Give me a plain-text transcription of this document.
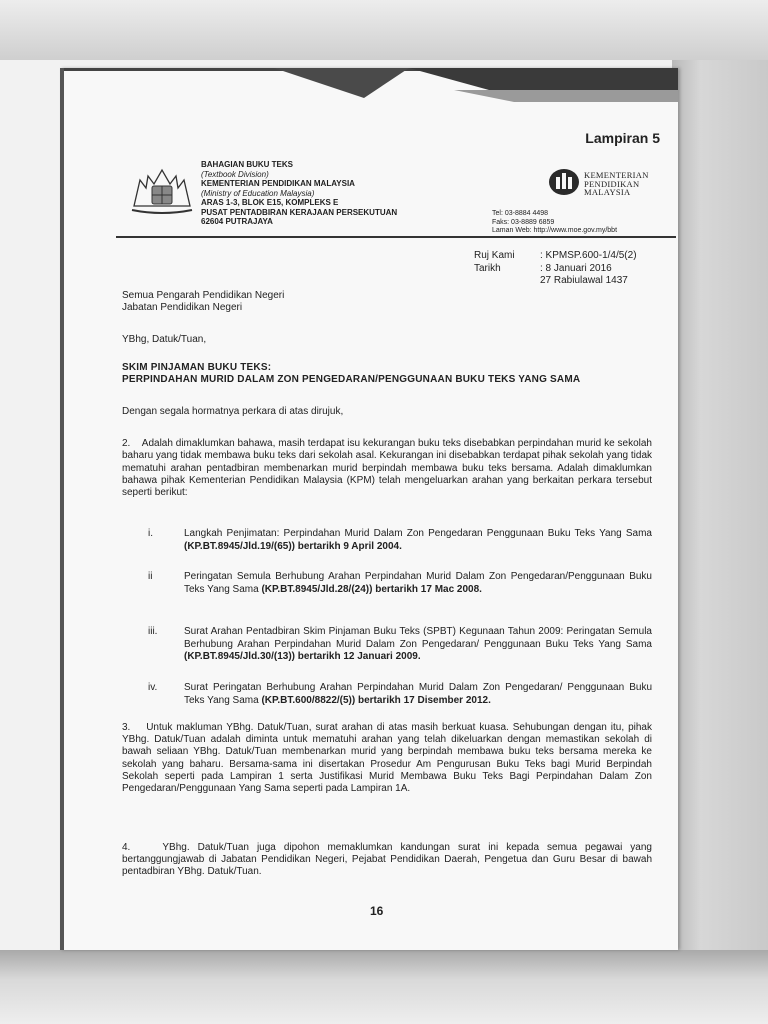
Lampiran 5
BAHAGIAN BUKU TEKS
(Textbook Division)
KEMENTERIAN PENDIDIKAN MALAYSIA
(Ministry of Education Malaysia)
ARAS 1-3, BLOK E15, KOMPLEKS E
PUSAT PENTADBIRAN KERAJAAN PERSEKUTUAN
62604 PUTRAJAYA
KEMENTERIAN
PENDIDIKAN
MALAYSIA
Tel: 03-8884 4498
Faks: 03-8889 6859
Laman Web: http://www.moe.gov.my/bbt
Ruj Kami	: KPMSP.600-1/4/5(2)
Tarikh	: 8 Januari 2016
27 Rabiulawal 1437
Semua Pengarah Pendidikan Negeri
Jabatan Pendidikan Negeri
YBhg, Datuk/Tuan,
SKIM PINJAMAN BUKU TEKS:
PERPINDAHAN MURID DALAM ZON PENGEDARAN/PENGGUNAAN BUKU TEKS YANG SAMA
Dengan segala hormatnya perkara di atas dirujuk,
2. Adalah dimaklumkan bahawa, masih terdapat isu kekurangan buku teks disebabkan perpindahan murid ke sekolah baharu yang tidak membawa buku teks dari sekolah asal. Kekurangan ini disebabkan terdapat pihak sekolah yang tidak mematuhi arahan pentadbiran membenarkan murid berpindah membawa buku teks bersama. Adalah dimaklumkan bahawa pihak Kementerian Pendidikan Malaysia (KPM) telah mengeluarkan arahan yang berkaitan perkara tersebut seperti berikut:
i.	Langkah Penjimatan: Perpindahan Murid Dalam Zon Pengedaran Penggunaan Buku Teks Yang Sama (KP.BT.8945/Jld.19/(65)) bertarikh 9 April 2004.
ii	Peringatan Semula Berhubung Arahan Perpindahan Murid Dalam Zon Pengedaran/Penggunaan Buku Teks Yang Sama (KP.BT.8945/Jld.28/(24)) bertarikh 17 Mac 2008.
iii.	Surat Arahan Pentadbiran Skim Pinjaman Buku Teks (SPBT) Kegunaan Tahun 2009: Peringatan Semula Berhubung Arahan Perpindahan Murid Dalam Zon Pengedaran/ Penggunaan Buku Teks Yang Sama (KP.BT.8945/Jld.30/(13)) bertarikh 12 Januari 2009.
iv.	Surat Peringatan Berhubung Arahan Perpindahan Murid Dalam Zon Pengedaran/ Penggunaan Buku Teks Yang Sama (KP.BT.600/8822/(5)) bertarikh 17 Disember 2012.
3. Untuk makluman YBhg. Datuk/Tuan, surat arahan di atas masih berkuat kuasa. Sehubungan dengan itu, pihak YBhg. Datuk/Tuan adalah diminta untuk mematuhi arahan yang telah dikeluarkan dengan memastikan sekolah di bawah seliaan YBhg. Datuk/Tuan membenarkan murid yang berpindah membawa buku teks bersama mereka ke sekolah yang baharu. Bersama-sama ini disertakan Prosedur Am Pengurusan Buku Teks bagi Murid Berpindah Sekolah seperti pada Lampiran 1 serta Justifikasi Murid Membawa Buku Teks Bagi Perpindahan Dalam Zon Pengedaran/Penggunaan Yang Sama seperti pada Lampiran 1A.
4.	YBhg. Datuk/Tuan juga dipohon memaklumkan kandungan surat ini kepada semua pegawai yang bertanggungjawab di Jabatan Pendidikan Negeri, Pejabat Pendidikan Daerah, Pengetua dan Guru Besar di bawah pentadbiran YBhg. Datuk/Tuan.
16
